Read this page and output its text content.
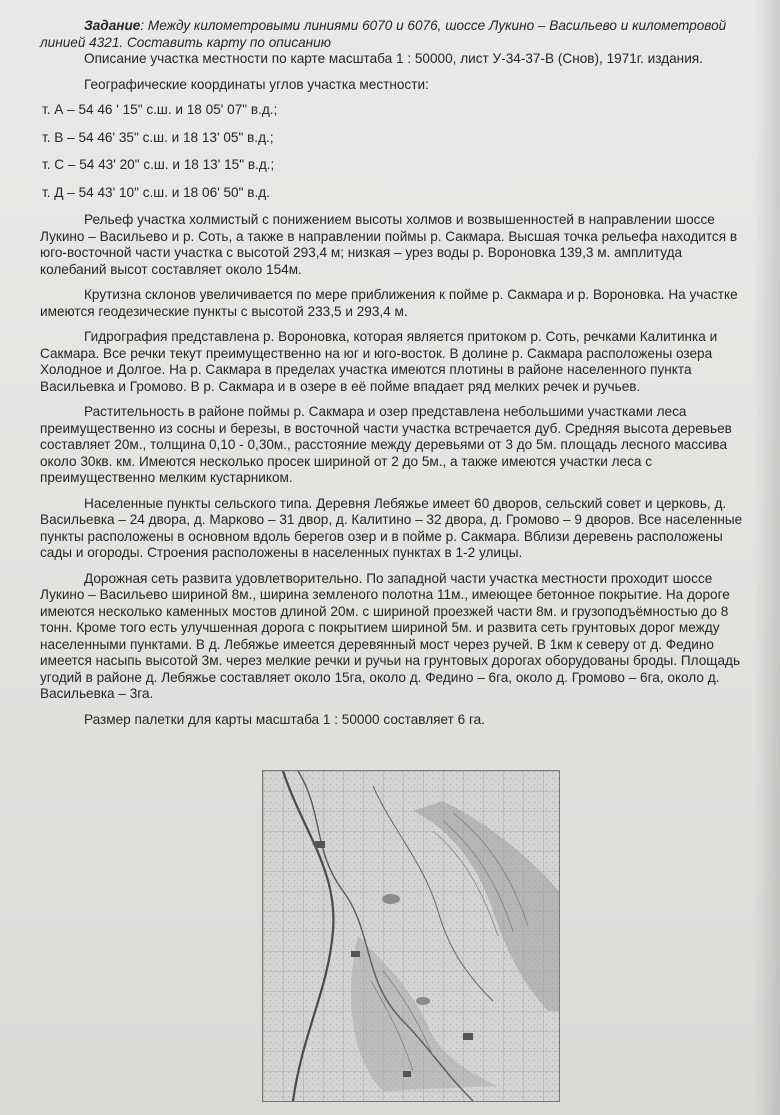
Задание: Между километровыми линиями 6070 и 6076, шоссе Лукино – Васильево и километровой линией 4321. Составить карту по описанию

Описание участка местности по карте масштаба 1 : 50000, лист У-34-37-В (Снов), 1971г. издания.

Географические координаты углов участка местности:

т. А – 54 46 ' 15" с.ш. и 18 05' 07" в.д.;
т. В – 54 46' 35" с.ш. и 18 13' 05" в.д.;
т. С – 54 43' 20" с.ш. и 18 13' 15" в.д.;
т. Д – 54 43' 10" с.ш. и 18 06' 50" в.д.

Рельеф участка холмистый с понижением высоты холмов и возвышенностей в направлении шоссе Лукино – Васильево и р. Соть, а также в направлении поймы р. Сакмара. Высшая точка рельефа находится в юго-восточной части участка с высотой 293,4 м; низкая – урез воды р. Вороновка 139,3 м. амплитуда колебаний высот составляет около 154м.

Крутизна склонов увеличивается по мере приближения к пойме р. Сакмара и р. Вороновка. На участке имеются геодезические пункты с высотой 233,5 и 293,4 м.

Гидрография представлена р. Вороновка, которая является притоком р. Соть, речками Калитинка и Сакмара. Все речки текут преимущественно на юг и юго-восток. В долине р. Сакмара расположены озера Холодное и Долгое. На р. Сакмара в пределах участка имеются плотины в районе населенного пункта Васильевка и Громово. В р. Сакмара и в озере в её пойме впадает ряд мелких речек и ручьев.

Растительность в районе поймы р. Сакмара и озер представлена небольшими участками леса преимущественно из сосны и березы, в восточной части участка встречается дуб. Средняя высота деревьев составляет 20м., толщина 0,10 - 0,30м., расстояние между деревьями от 3 до 5м. площадь лесного массива около 30кв. км. Имеются несколько просек шириной от 2 до 5м., а также имеются участки леса с преимущественно мелким кустарником.

Населенные пункты сельского типа. Деревня Лебяжье имеет 60 дворов, сельский совет и церковь, д. Васильевка – 24 двора, д. Марково – 31 двор, д. Калитино – 32 двора, д. Громово – 9 дворов. Все населенные пункты расположены в основном вдоль берегов озер и в пойме р. Сакмара. Вблизи деревень расположены сады и огороды. Строения расположены в населенных пунктах в 1-2 улицы.

Дорожная сеть развита удовлетворительно. По западной части участка местности проходит шоссе Лукино – Васильево шириной 8м., ширина земленого полотна 11м., имеющее бетонное покрытие. На дороге имеются несколько каменных мостов длиной 20м. с шириной проезжей части 8м. и грузоподъёмностью до 8 тонн. Кроме того есть улучшенная дорога с покрытием шириной 5м. и развита сеть грунтовых дорог между населенными пунктами. В д. Лебяжье имеется деревянный мост через ручей. В 1км к северу от д. Федино имеется насыпь высотой 3м. через мелкие речки и ручьи на грунтовых дорогах оборудованы броды. Площадь угодий в районе д. Лебяжье составляет около 15га, около д. Федино – 6га, около д. Громово – 6га, около д. Васильевка – 3га.

Размер палетки для карты масштаба 1 : 50000 составляет 6 га.
